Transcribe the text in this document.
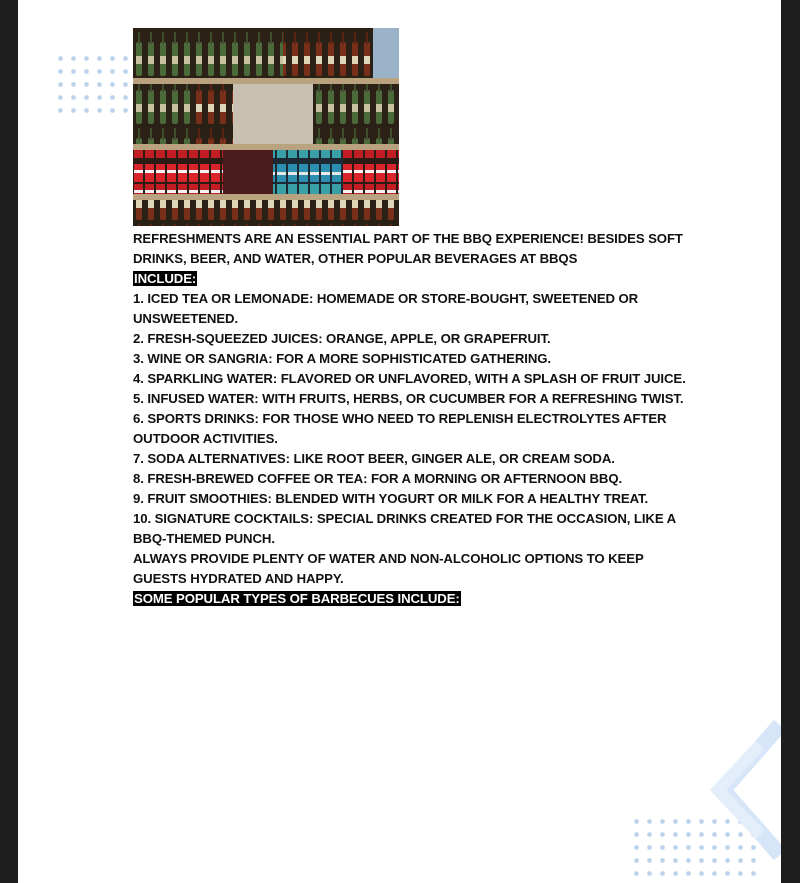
REFRESHMENTS ARE AN ESSENTIAL PART OF THE BBQ EXPERIENCE! BESIDES SOFT DRINKS, BEER, AND WATER, OTHER POPULAR BEVERAGES AT BBQS

INCLUDE:

1. ICED TEA OR LEMONADE: HOMEMADE OR STORE-BOUGHT, SWEETENED OR UNSWEETENED.

2. FRESH-SQUEEZED JUICES: ORANGE, APPLE, OR GRAPEFRUIT.

3. WINE OR SANGRIA: FOR A MORE SOPHISTICATED GATHERING.

4. SPARKLING WATER: FLAVORED OR UNFLAVORED, WITH A SPLASH OF FRUIT JUICE.

5. INFUSED WATER: WITH FRUITS, HERBS, OR CUCUMBER FOR A REFRESHING TWIST.

6. SPORTS DRINKS: FOR THOSE WHO NEED TO REPLENISH ELECTROLYTES AFTER OUTDOOR ACTIVITIES.

7. SODA ALTERNATIVES: LIKE ROOT BEER, GINGER ALE, OR CREAM SODA.

8. FRESH-BREWED COFFEE OR TEA: FOR A MORNING OR AFTERNOON BBQ.

9. FRUIT SMOOTHIES: BLENDED WITH YOGURT OR MILK FOR A HEALTHY TREAT.

10. SIGNATURE COCKTAILS: SPECIAL DRINKS CREATED FOR THE OCCASION, LIKE A BBQ-THEMED PUNCH.

ALWAYS PROVIDE PLENTY OF WATER AND NON-ALCOHOLIC OPTIONS TO KEEP GUESTS HYDRATED AND HAPPY.

SOME POPULAR TYPES OF BARBECUES INCLUDE:
